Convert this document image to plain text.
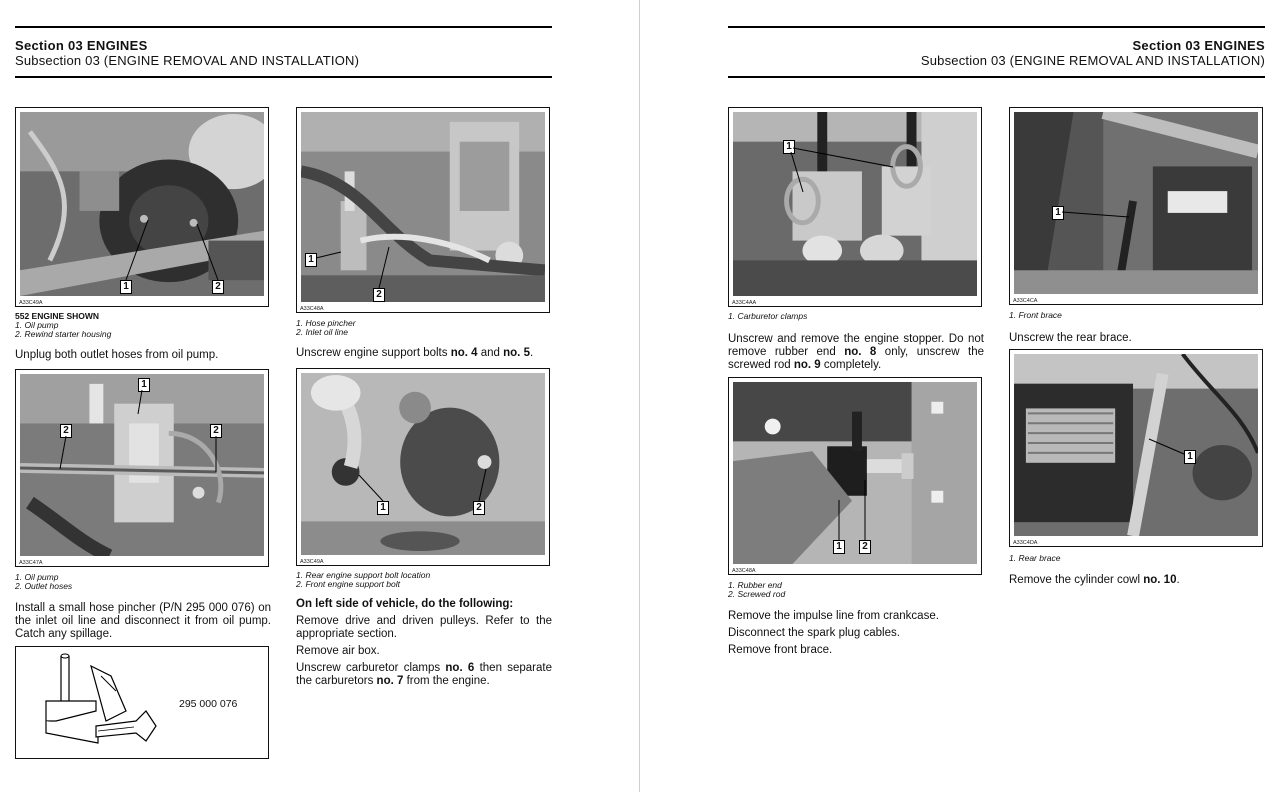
Section 03 ENGINES
Subsection 03 (ENGINE REMOVAL AND INSTALLATION)
1	2
A33C49A
552 ENGINE SHOWN
1. Oil pump
2. Rewind starter housing
Unplug both outlet hoses from oil pump.
1
2
A33C48A
1. Hose pincher
2. Inlet oil line
Unscrew engine support bolts no. 4 and no. 5.
1
2	2
A33C47A
1. Oil pump
2. Outlet hoses
Install a small hose pincher (P/N 295 000 076) on the inlet oil line and disconnect it from oil pump. Catch any spillage.
295 000 076
1	2
A33C49A
1. Rear engine support bolt location
2. Front engine support bolt
On left side of vehicle, do the following:
Remove drive and driven pulleys. Refer to the appropriate section.
Remove air box.
Unscrew carburetor clamps no. 6 then separate the carburetors no. 7 from the engine.
Section 03 ENGINES
Subsection 03 (ENGINE REMOVAL AND INSTALLATION)
1
A33C4AA
1. Carburetor clamps
Unscrew and remove the engine stopper. Do not remove rubber end no. 8 only, unscrew the screwed rod no. 9 completely.
1
A33C4CA
1. Front brace
Unscrew the rear brace.
1	2
A33C48A
1. Rubber end
2. Screwed rod
Remove the impulse line from crankcase.
Disconnect the spark plug cables.
Remove front brace.
1
A33C4DA
1. Rear brace
Remove the cylinder cowl no. 10.
